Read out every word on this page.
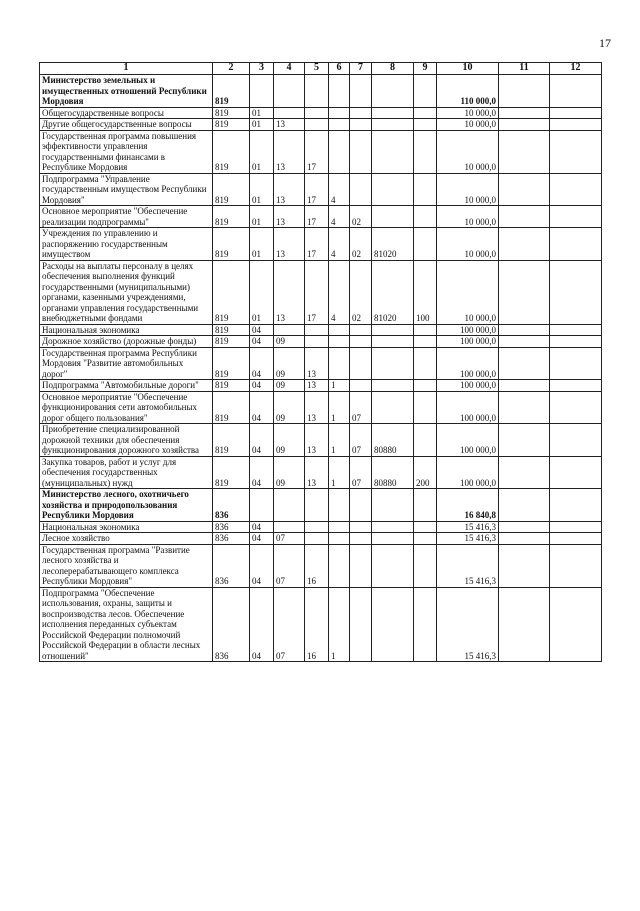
17
1	2	3	4	5	6	7	8	9	10	11	12
Министерство земельных и имущественных отношений Республики Мордовия	819								110 000,0		
Общегосударственные вопросы	819	01							10 000,0		
Другие общегосударственные вопросы	819	01	13						10 000,0		
Государственная программа повышения эффективности управления государственными финансами в Республике Мордовия	819	01	13	17					10 000,0		
Подпрограмма "Управление государственным имуществом Республики Мордовия"	819	01	13	17	4				10 000,0		
Основное мероприятие "Обеспечение реализации подпрограммы"	819	01	13	17	4	02			10 000,0		
Учреждения по управлению и распоряжению государственным имуществом	819	01	13	17	4	02	81020		10 000,0		
Расходы на выплаты персоналу в целях обеспечения выполнения функций государственными (муниципальными) органами, казенными учреждениями, органами управления государственными внебюджетными фондами	819	01	13	17	4	02	81020	100	10 000,0		
Национальная экономика	819	04							100 000,0		
Дорожное хозяйство (дорожные фонды)	819	04	09						100 000,0		
Государственная программа Республики Мордовия "Развитие автомобильных дорог"	819	04	09	13					100 000,0		
Подпрограмма "Автомобильные дороги"	819	04	09	13	1				100 000,0		
Основное мероприятие "Обеспечение функционирования сети автомобильных дорог общего пользования"	819	04	09	13	1	07			100 000,0		
Приобретение специализированной дорожной техники для обеспечения функционирования дорожного хозяйства	819	04	09	13	1	07	80880		100 000,0		
Закупка товаров, работ и услуг для обеспечения государственных (муниципальных) нужд	819	04	09	13	1	07	80880	200	100 000,0		
Министерство лесного, охотничьего хозяйства и природопользования Республики Мордовия	836								16 840,8		
Национальная экономика	836	04							15 416,3		
Лесное хозяйство	836	04	07						15 416,3		
Государственная программа "Развитие лесного хозяйства и лесоперерабатывающего комплекса Республики Мордовия"	836	04	07	16					15 416,3		
Подпрограмма "Обеспечение использования, охраны, защиты и воспроизводства лесов. Обеспечение исполнения переданных субъектам Российской Федерации полномочий Российской Федерации в области лесных отношений"	836	04	07	16	1				15 416,3		
